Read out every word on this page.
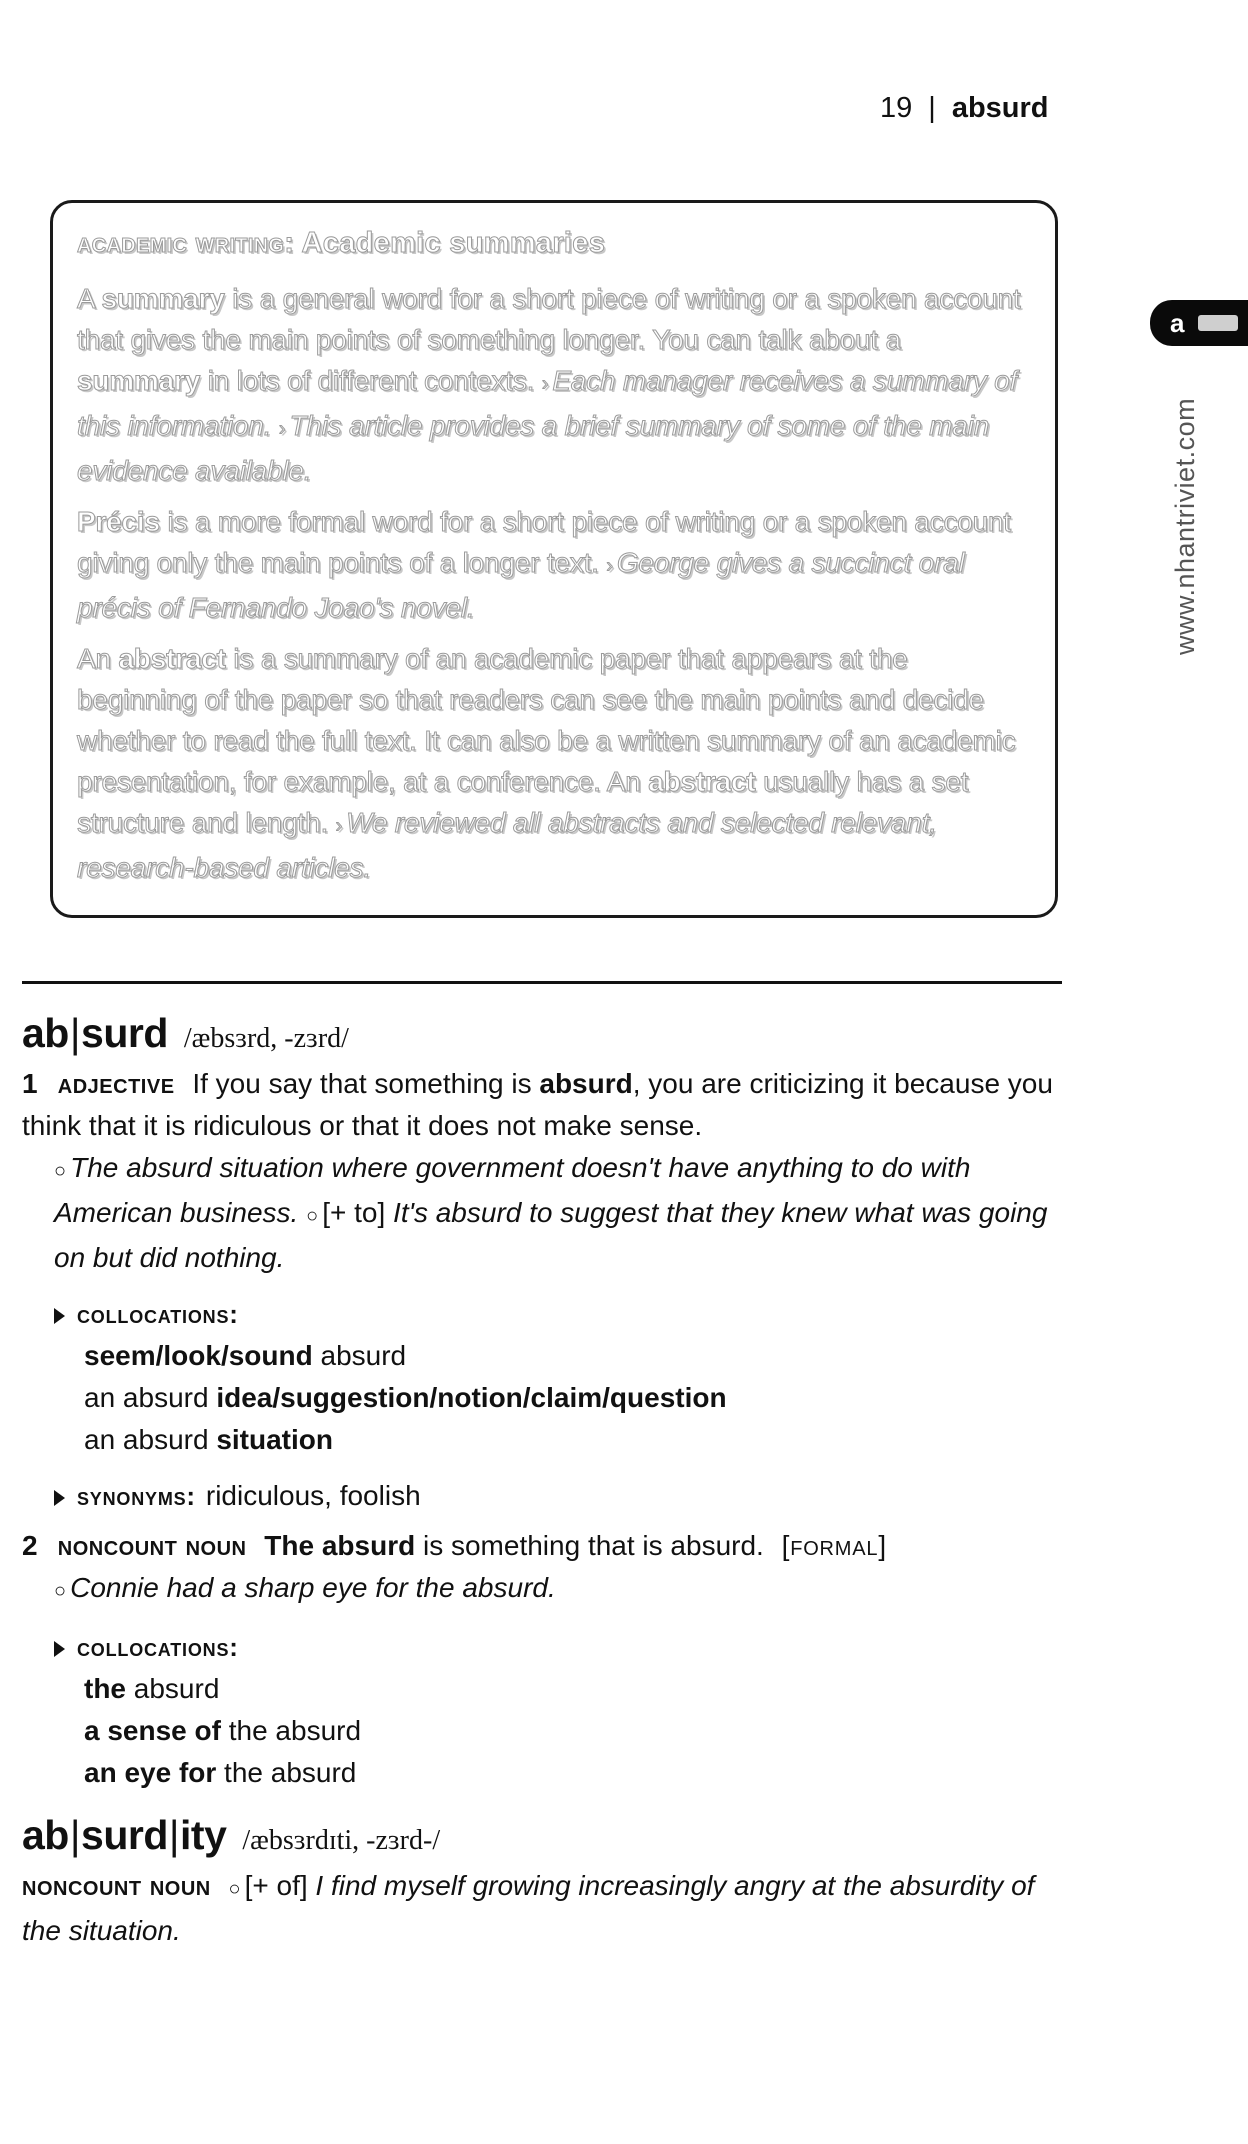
19 | absurd
a
www.nhantriviet.com
academic writing: Academic summaries

A summary is a general word for a short piece of writing or a spoken account that gives the main points of something longer. You can talk about a summary in lots of different contexts. › Each manager receives a summary of this information. › This article provides a brief summary of some of the main evidence available.

Précis is a more formal word for a short piece of writing or a spoken account giving only the main points of a longer text. › George gives a succinct oral précis of Fernando Joao's novel.

An abstract is a summary of an academic paper that appears at the beginning of the paper so that readers can see the main points and decide whether to read the full text. It can also be a written summary of an academic presentation, for example, at a conference. An abstract usually has a set structure and length. › We reviewed all abstracts and selected relevant, research-based articles.

ab|surd /æbsɜrd, -zɜrd/
1 adjective If you say that something is absurd, you are criticizing it because you think that it is ridiculous or that it does not make sense.
○ The absurd situation where government doesn't have anything to do with American business. ○ [+ to] It's absurd to suggest that they knew what was going on but did nothing.
collocations:
seem/look/sound absurd
an absurd idea/suggestion/notion/claim/question
an absurd situation
synonyms: ridiculous, foolish
2 noncount noun The absurd is something that is absurd. [formal]
○ Connie had a sharp eye for the absurd.
collocations:
the absurd
a sense of the absurd
an eye for the absurd
ab|surd|ity /æbsɜrdɪti, -zɜrd-/
noncount noun ○ [+ of] I find myself growing increasingly angry at the absurdity of the situation.
